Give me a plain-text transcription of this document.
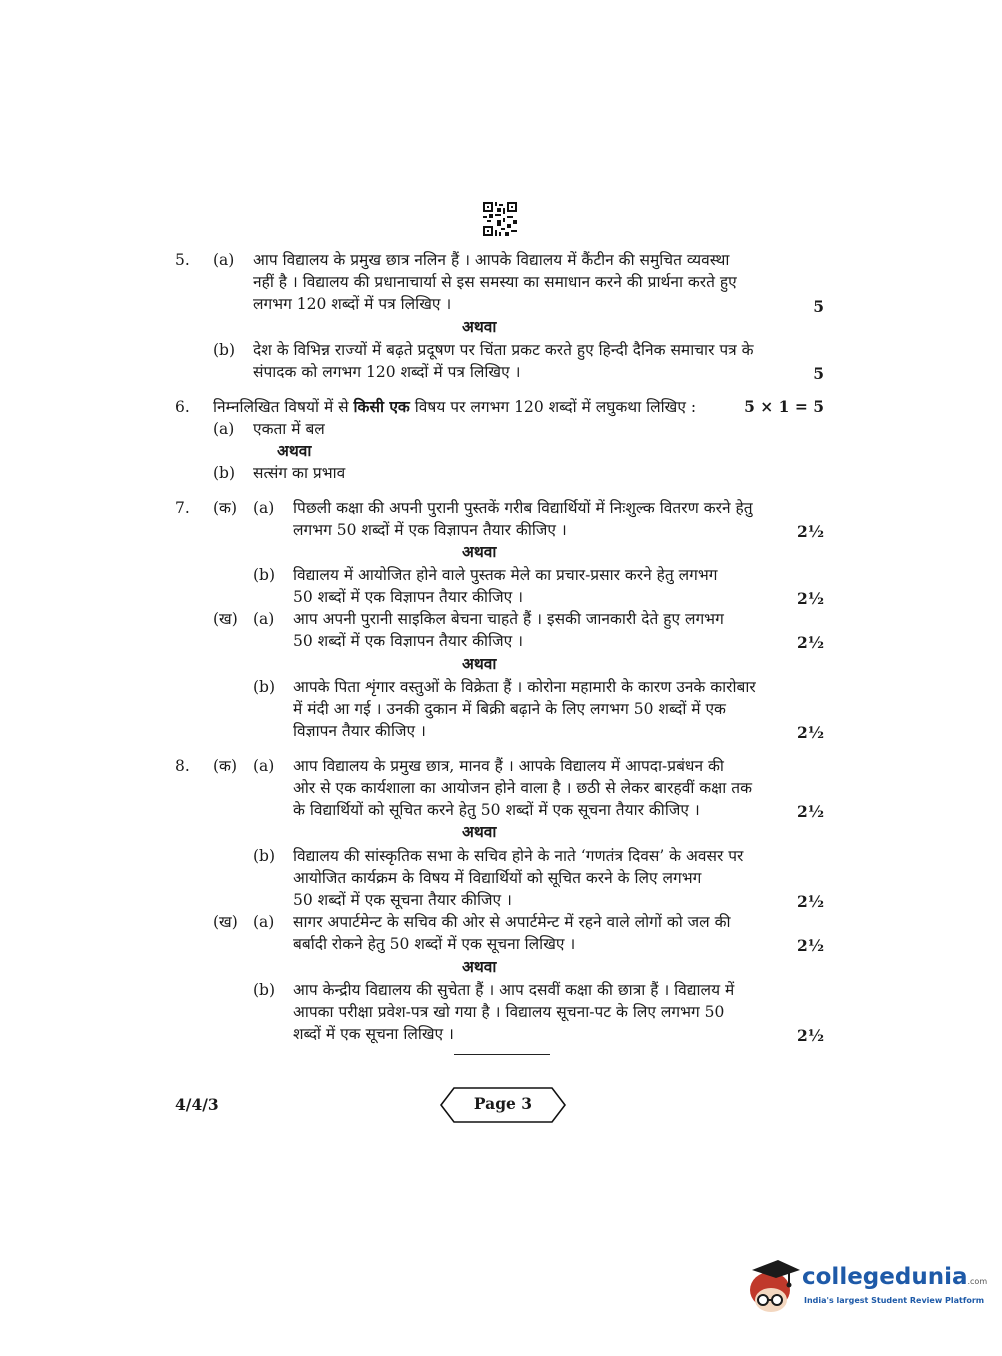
5. (a) आप विद्यालय के प्रमुख छात्र नलिन हैं । आपके विद्यालय में कैंटीन की समुचित व्यवस्था
नहीं है । विद्यालय की प्रधानाचार्या से इस समस्या का समाधान करने की प्रार्थना करते हुए
लगभग 120 शब्दों में पत्र लिखिए ।	5
अथवा
(b) देश के विभिन्न राज्यों में बढ़ते प्रदूषण पर चिंता प्रकट करते हुए हिन्दी दैनिक समाचार पत्र के
संपादक को लगभग 120 शब्दों में पत्र लिखिए ।	5
6. निम्नलिखित विषयों में से किसी एक विषय पर लगभग 120 शब्दों में लघुकथा लिखिए :	5 × 1 = 5
(a) एकता में बल
अथवा
(b) सत्संग का प्रभाव
7. (क) (a) पिछली कक्षा की अपनी पुरानी पुस्तकें गरीब विद्यार्थियों में निःशुल्क वितरण करने हेतु
लगभग 50 शब्दों में एक विज्ञापन तैयार कीजिए ।	2½
अथवा
(b) विद्यालय में आयोजित होने वाले पुस्तक मेले का प्रचार-प्रसार करने हेतु लगभग
50 शब्दों में एक विज्ञापन तैयार कीजिए ।	2½
(ख) (a) आप अपनी पुरानी साइकिल बेचना चाहते हैं । इसकी जानकारी देते हुए लगभग
50 शब्दों में एक विज्ञापन तैयार कीजिए ।	2½
अथवा
(b) आपके पिता शृंगार वस्तुओं के विक्रेता हैं । कोरोना महामारी के कारण उनके कारोबार
में मंदी आ गई । उनकी दुकान में बिक्री बढ़ाने के लिए लगभग 50 शब्दों में एक
विज्ञापन तैयार कीजिए ।	2½
8. (क) (a) आप विद्यालय के प्रमुख छात्र, मानव हैं । आपके विद्यालय में आपदा-प्रबंधन की
ओर से एक कार्यशाला का आयोजन होने वाला है । छठी से लेकर बारहवीं कक्षा तक
के विद्यार्थियों को सूचित करने हेतु 50 शब्दों में एक सूचना तैयार कीजिए ।	2½
अथवा
(b) विद्यालय की सांस्कृतिक सभा के सचिव होने के नाते ‘गणतंत्र दिवस’ के अवसर पर
आयोजित कार्यक्रम के विषय में विद्यार्थियों को सूचित करने के लिए लगभग
50 शब्दों में एक सूचना तैयार कीजिए ।	2½
(ख) (a) सागर अपार्टमेन्ट के सचिव की ओर से अपार्टमेन्ट में रहने वाले लोगों को जल की
बर्बादी रोकने हेतु 50 शब्दों में एक सूचना लिखिए ।	2½
अथवा
(b) आप केन्द्रीय विद्यालय की सुचेता हैं । आप दसवीं कक्षा की छात्रा हैं । विद्यालय में
आपका परीक्षा प्रवेश-पत्र खो गया है । विद्यालय सूचना-पट के लिए लगभग 50
शब्दों में एक सूचना लिखिए ।	2½
4/4/3	Page 3
collegedunia.com
India's largest Student Review Platform
